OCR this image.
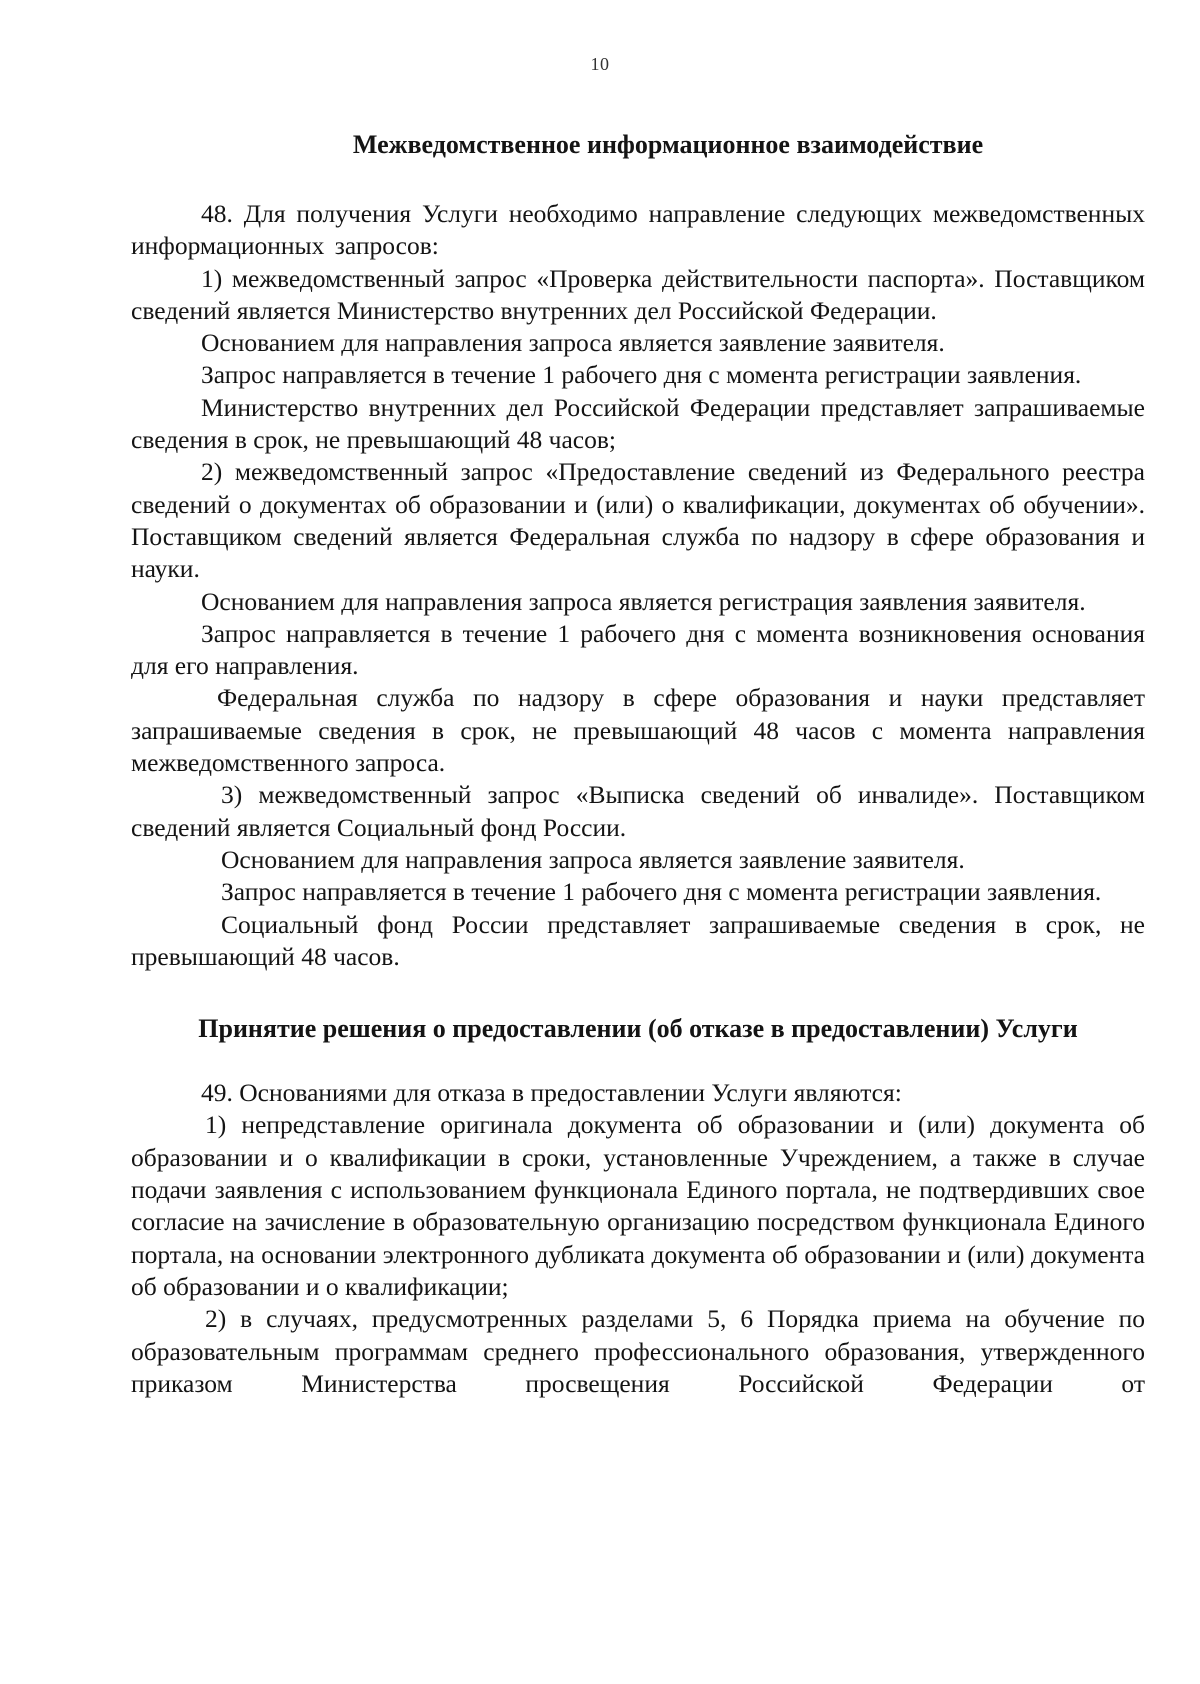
10
Межведомственное информационное взаимодействие

48. Для получения Услуги необходимо направление следующих межведомственных информационных запросов:

1) межведомственный запрос «Проверка действительности паспорта». Поставщиком сведений является Министерство внутренних дел Российской Федерации.

Основанием для направления запроса является заявление заявителя.

Запрос направляется в течение 1 рабочего дня с момента регистрации заявления.

Министерство внутренних дел Российской Федерации представляет запрашиваемые сведения в срок, не превышающий 48 часов;

2) межведомственный запрос «Предоставление сведений из Федерального реестра сведений о документах об образовании и (или) о квалификации, документах об обучении». Поставщиком сведений является Федеральная служба по надзору в сфере образования и науки.

Основанием для направления запроса является регистрация заявления заявителя.

Запрос направляется в течение 1 рабочего дня с момента возникновения основания для его направления.

Федеральная служба по надзору в сфере образования и науки представляет запрашиваемые сведения в срок, не превышающий 48 часов с момента направления межведомственного запроса.

3) межведомственный запрос «Выписка сведений об инвалиде». Поставщиком сведений является Социальный фонд России.

Основанием для направления запроса является заявление заявителя.

Запрос направляется в течение 1 рабочего дня с момента регистрации заявления.

Социальный фонд России представляет запрашиваемые сведения в срок, не превышающий 48 часов.

Принятие решения о предоставлении (об отказе в предоставлении) Услуги

49. Основаниями для отказа в предоставлении Услуги являются:

1) непредставление оригинала документа об образовании и (или) документа об образовании и о квалификации в сроки, установленные Учреждением, а также в случае подачи заявления с использованием функционала Единого портала, не подтвердивших свое согласие на зачисление в образовательную организацию посредством функционала Единого портала, на основании электронного дубликата документа об образовании и (или) документа об образовании и о квалификации;

2) в случаях, предусмотренных разделами 5, 6 Порядка приема на обучение по образовательным программам среднего профессионального образования, утвержденного приказом Министерства просвещения Российской Федерации от
